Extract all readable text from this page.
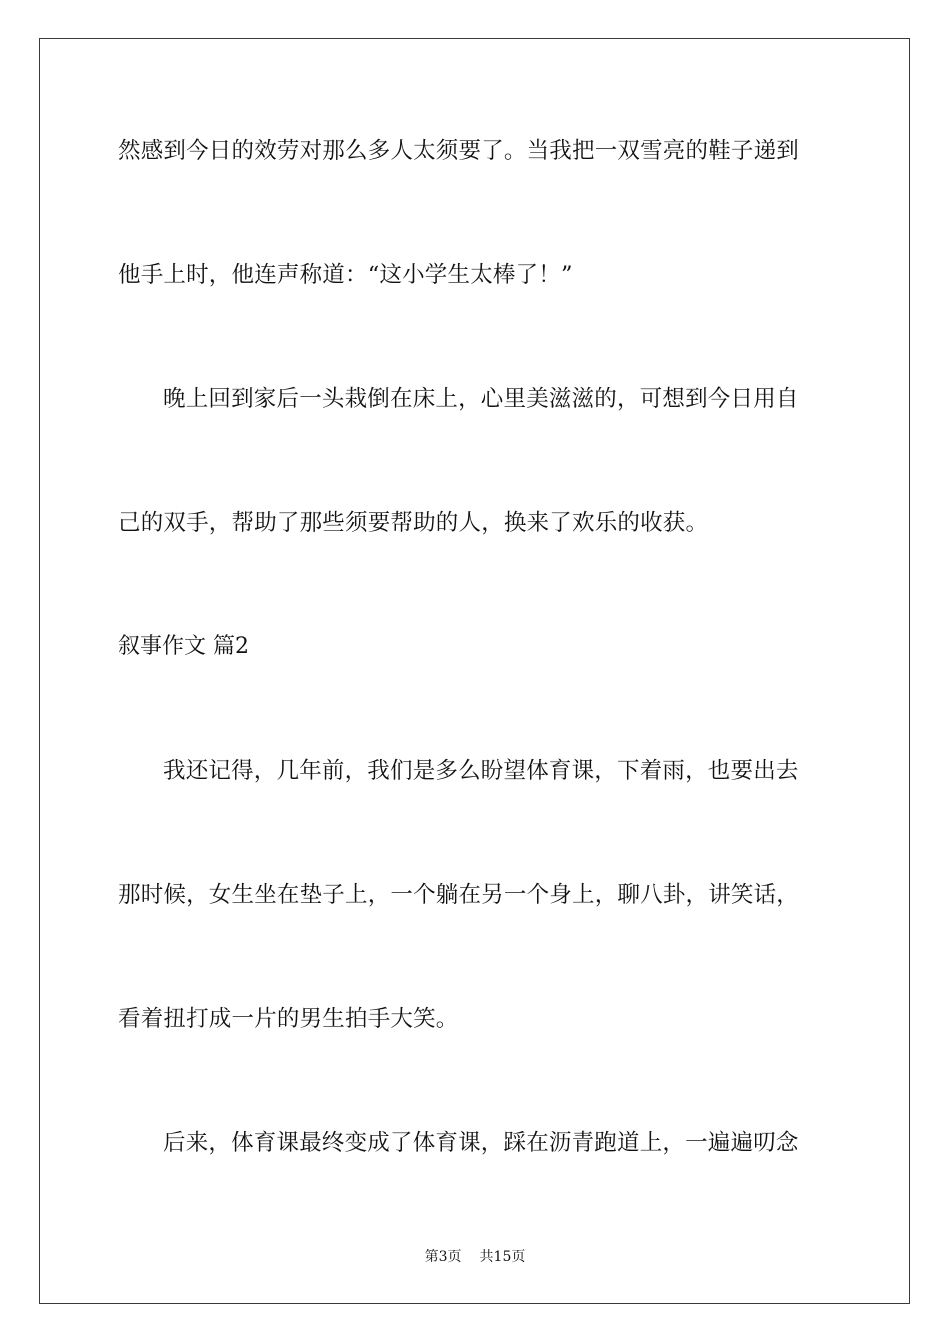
然感到今日的效劳对那么多人太须要了。当我把一双雪亮的鞋子递到
他手上时，他连声称道：“这小学生太棒了！”
晚上回到家后一头栽倒在床上，心里美滋滋的，可想到今日用自
己的双手，帮助了那些须要帮助的人，换来了欢乐的收获。
叙事作文 篇2
我还记得，几年前，我们是多么盼望体育课，下着雨，也要出去
那时候，女生坐在垫子上，一个躺在另一个身上，聊八卦，讲笑话，
看着扭打成一片的男生拍手大笑。
后来，体育课最终变成了体育课，踩在沥青跑道上，一遍遍叨念
第3页 共15页
